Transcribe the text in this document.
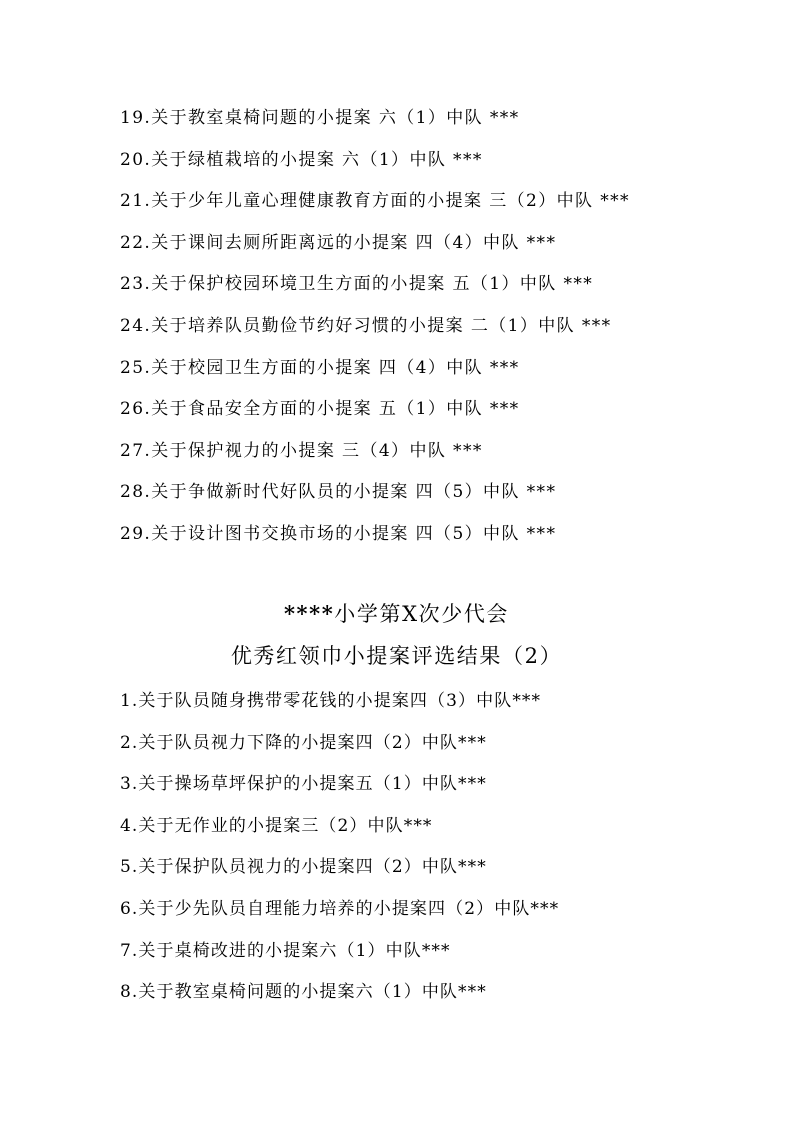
19.关于教室桌椅问题的小提案 六（1）中队 ***
20.关于绿植栽培的小提案 六（1）中队 ***
21.关于少年儿童心理健康教育方面的小提案 三（2）中队 ***
22.关于课间去厕所距离远的小提案 四（4）中队 ***
23.关于保护校园环境卫生方面的小提案 五（1）中队 ***
24.关于培养队员勤俭节约好习惯的小提案 二（1）中队 ***
25.关于校园卫生方面的小提案 四（4）中队 ***
26.关于食品安全方面的小提案 五（1）中队 ***
27.关于保护视力的小提案 三（4）中队 ***
28.关于争做新时代好队员的小提案 四（5）中队 ***
29.关于设计图书交换市场的小提案 四（5）中队 ***
****小学第Ⅹ次少代会
优秀红领巾小提案评选结果（2）
1.关于队员随身携带零花钱的小提案四（3）中队***
2.关于队员视力下降的小提案四（2）中队***
3.关于操场草坪保护的小提案五（1）中队***
4.关于无作业的小提案三（2）中队***
5.关于保护队员视力的小提案四（2）中队***
6.关于少先队员自理能力培养的小提案四（2）中队***
7.关于桌椅改进的小提案六（1）中队***
8.关于教室桌椅问题的小提案六（1）中队***
